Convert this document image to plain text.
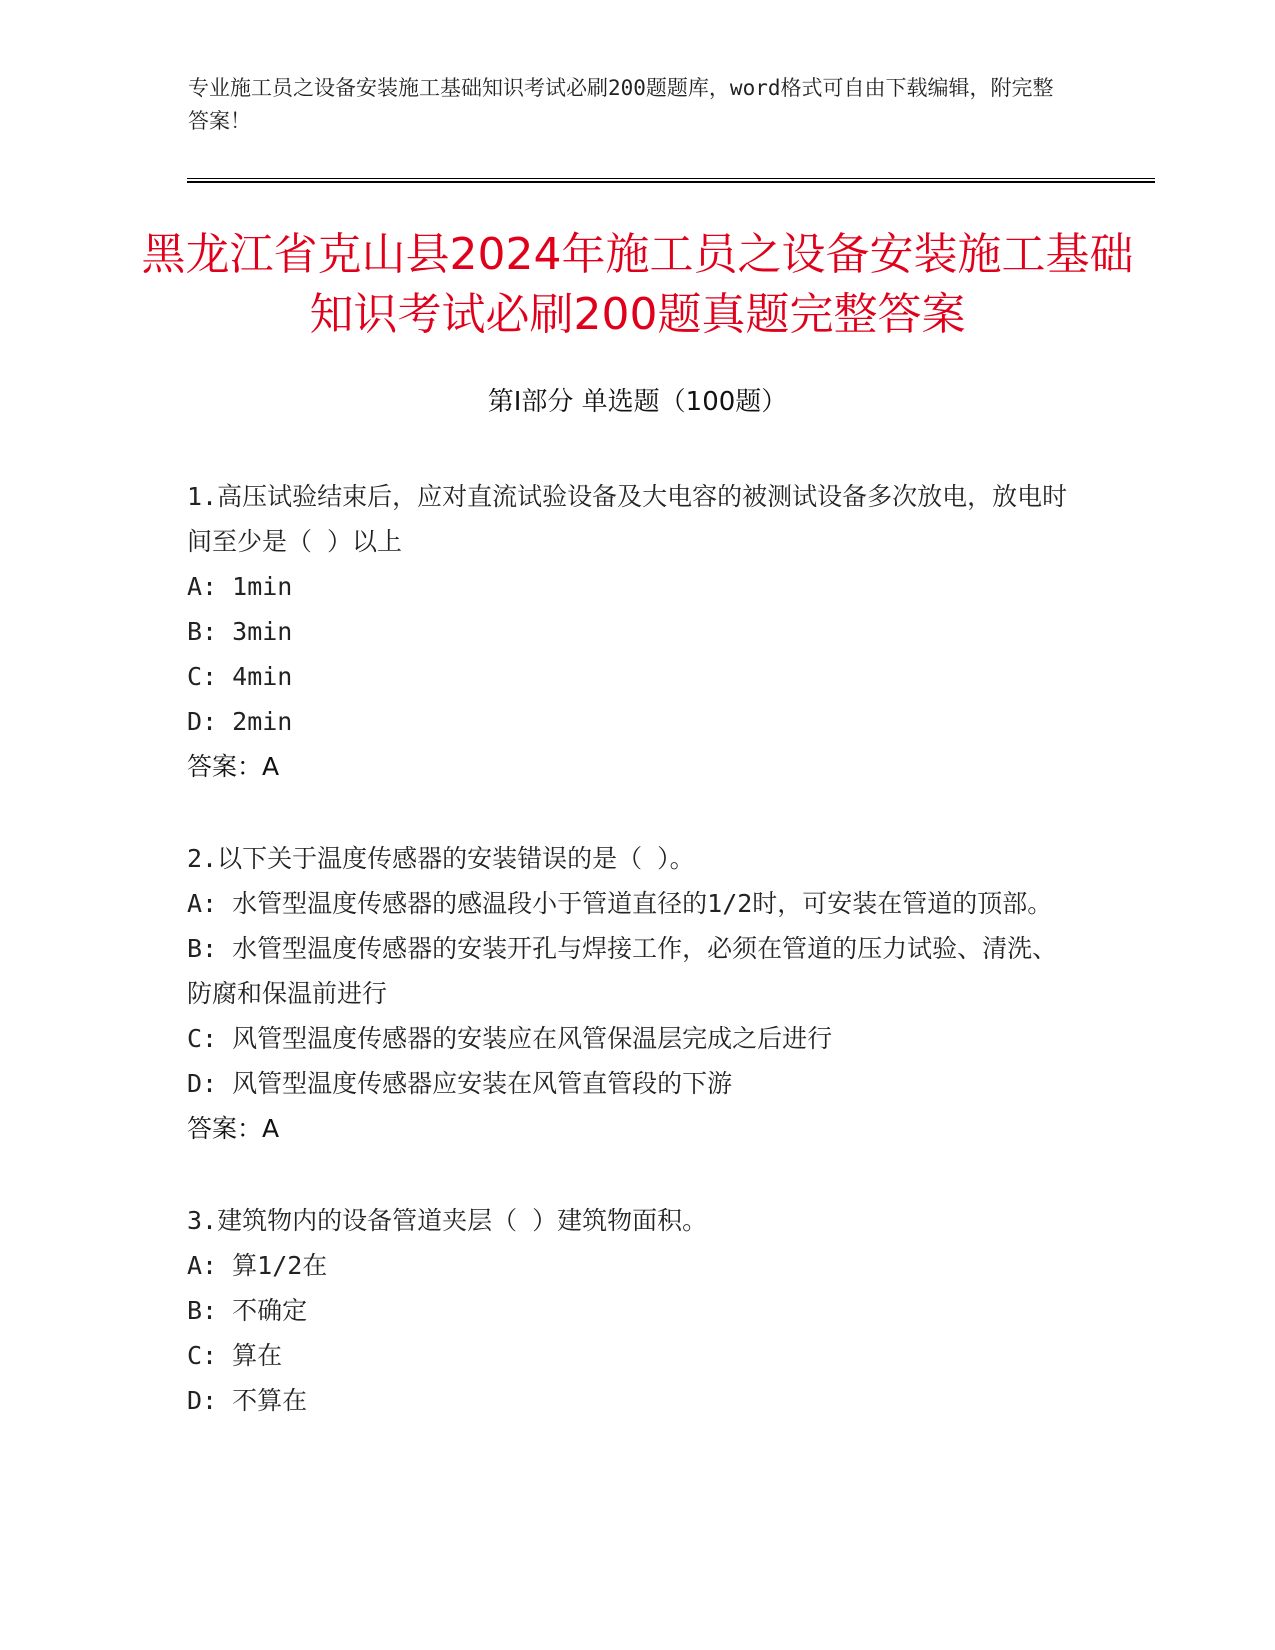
专业施工员之设备安装施工基础知识考试必刷200题题库，word格式可自由下载编辑，附完整答案！
黑龙江省克山县2024年施工员之设备安装施工基础知识考试必刷200题真题完整答案
第Ⅰ部分 单选题（100题）

1.高压试验结束后，应对直流试验设备及大电容的被测试设备多次放电，放电时间至少是（ ）以上

A: 1min

B: 3min

C: 4min

D: 2min

答案：A

2.以下关于温度传感器的安装错误的是（ ）。

A: 水管型温度传感器的感温段小于管道直径的1/2时，可安装在管道的顶部。

B: 水管型温度传感器的安装开孔与焊接工作，必须在管道的压力试验、清洗、防腐和保温前进行

C: 风管型温度传感器的安装应在风管保温层完成之后进行

D: 风管型温度传感器应安装在风管直管段的下游

答案：A

3.建筑物内的设备管道夹层（ ）建筑物面积。

A: 算1/2在

B: 不确定

C: 算在

D: 不算在
